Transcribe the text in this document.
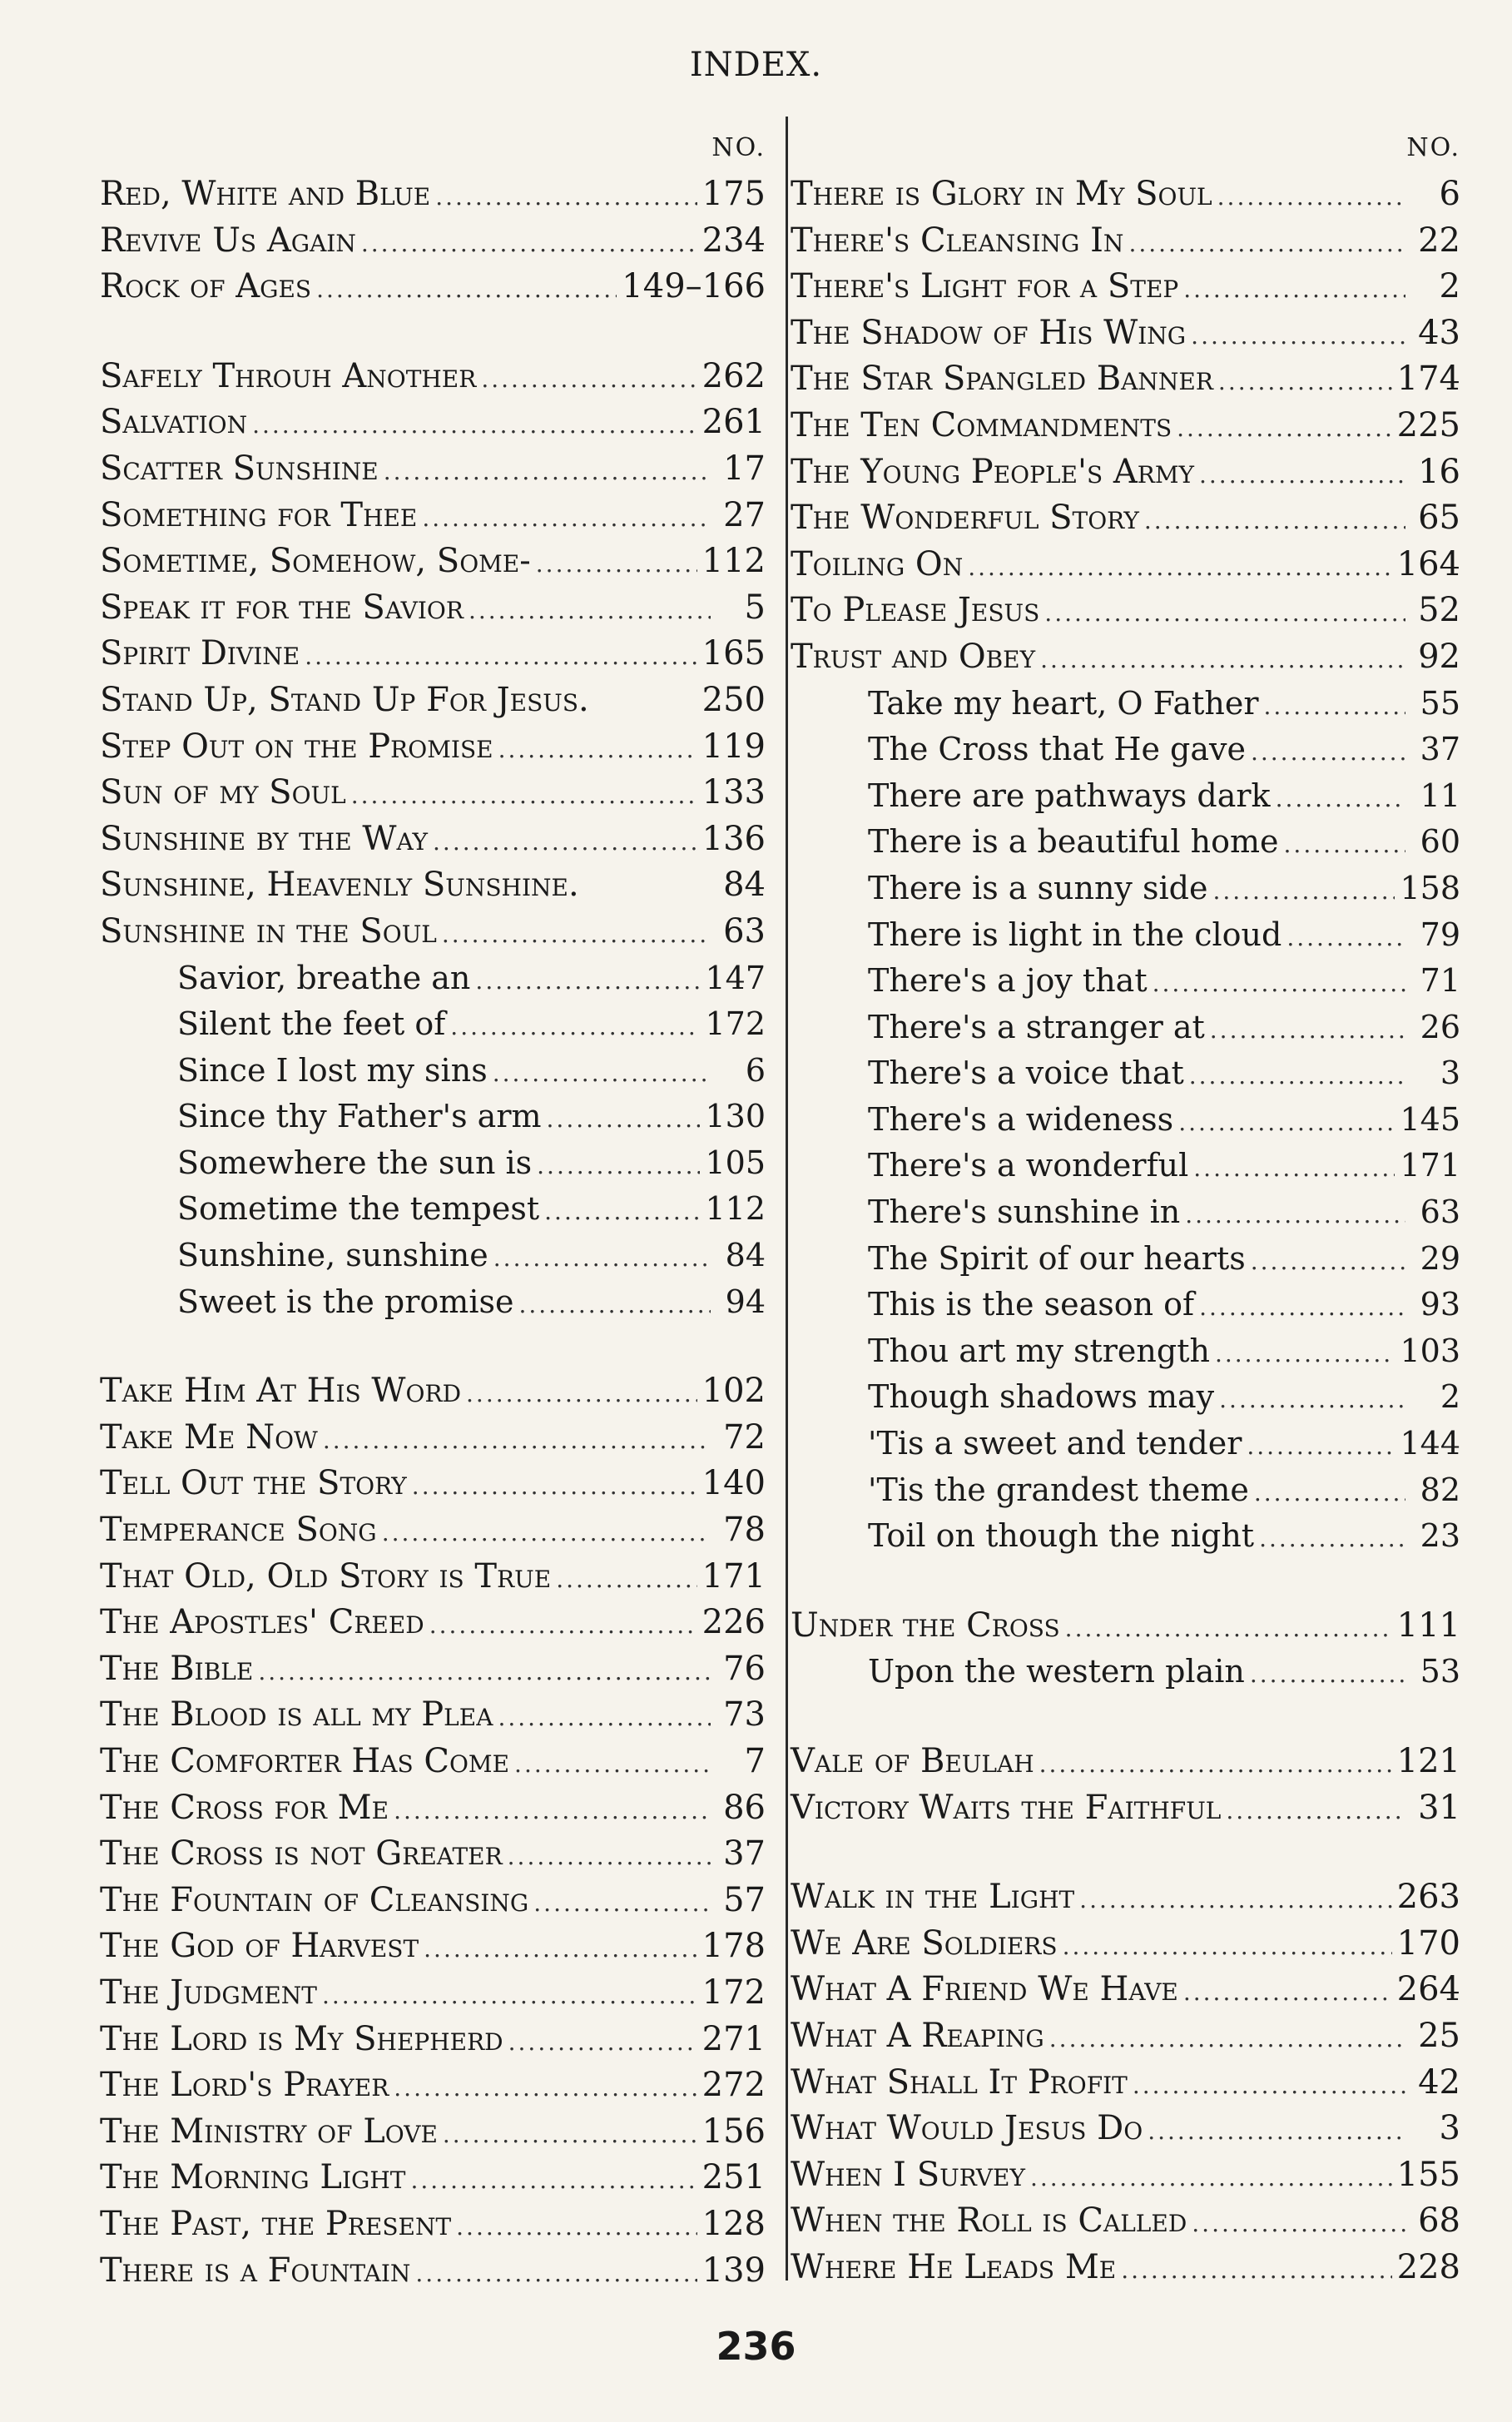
INDEX.
NO.
Red, White and Blue .....	175
Revive Us Again .....	234
Rock of Ages .....	149–166
Safely Throuh Another .....	262
Salvation .....	261
Scatter Sunshine .....	17
Something for Thee .....	27
Sometime, Somehow, Some- .....	112
Speak it for the Savior .....	5
Spirit Divine .....	165
Stand Up, Stand Up For Jesus.	250
Step Out on the Promise .....	119
Sun of my Soul .....	133
Sunshine by the Way .....	136
Sunshine, Heavenly Sunshine.	84
Sunshine in the Soul .....	63
Savior, breathe an .....	147
Silent the feet of .....	172
Since I lost my sins .....	6
Since thy Father's arm .....	130
Somewhere the sun is .....	105
Sometime the tempest .....	112
Sunshine, sunshine .....	84
Sweet is the promise .....	94
Take Him At His Word .....	102
Take Me Now .....	72
Tell Out the Story .....	140
Temperance Song .....	78
That Old, Old Story is True .....	171
The Apostles' Creed .....	226
The Bible .....	76
The Blood is all my Plea .....	73
The Comforter Has Come .....	7
The Cross for Me .....	86
The Cross is not Greater .....	37
The Fountain of Cleansing .....	57
The God of Harvest .....	178
The Judgment .....	172
The Lord is My Shepherd .....	271
The Lord's Prayer .....	272
The Ministry of Love .....	156
The Morning Light .....	251
The Past, the Present .....	128
There is a Fountain .....	139
NO.
There is Glory in My Soul .....	6
There's Cleansing In .....	22
There's Light for a Step .....	2
The Shadow of His Wing .....	43
The Star Spangled Banner .....	174
The Ten Commandments .....	225
The Young People's Army .....	16
The Wonderful Story .....	65
Toiling On .....	164
To Please Jesus .....	52
Trust and Obey .....	92
Take my heart, O Father .....	55
The Cross that He gave .....	37
There are pathways dark .....	11
There is a beautiful home .....	60
There is a sunny side .....	158
There is light in the cloud .....	79
There's a joy that .....	71
There's a stranger at .....	26
There's a voice that .....	3
There's a wideness .....	145
There's a wonderful .....	171
There's sunshine in .....	63
The Spirit of our hearts .....	29
This is the season of .....	93
Thou art my strength .....	103
Though shadows may .....	2
'Tis a sweet and tender .....	144
'Tis the grandest theme .....	82
Toil on though the night .....	23
Under the Cross .....	111
Upon the western plain .....	53
Vale of Beulah .....	121
Victory Waits the Faithful .....	31
Walk in the Light .....	263
We Are Soldiers .....	170
What A Friend We Have .....	264
What A Reaping .....	25
What Shall It Profit .....	42
What Would Jesus Do .....	3
When I Survey .....	155
When the Roll is Called .....	68
Where He Leads Me .....	228
236
